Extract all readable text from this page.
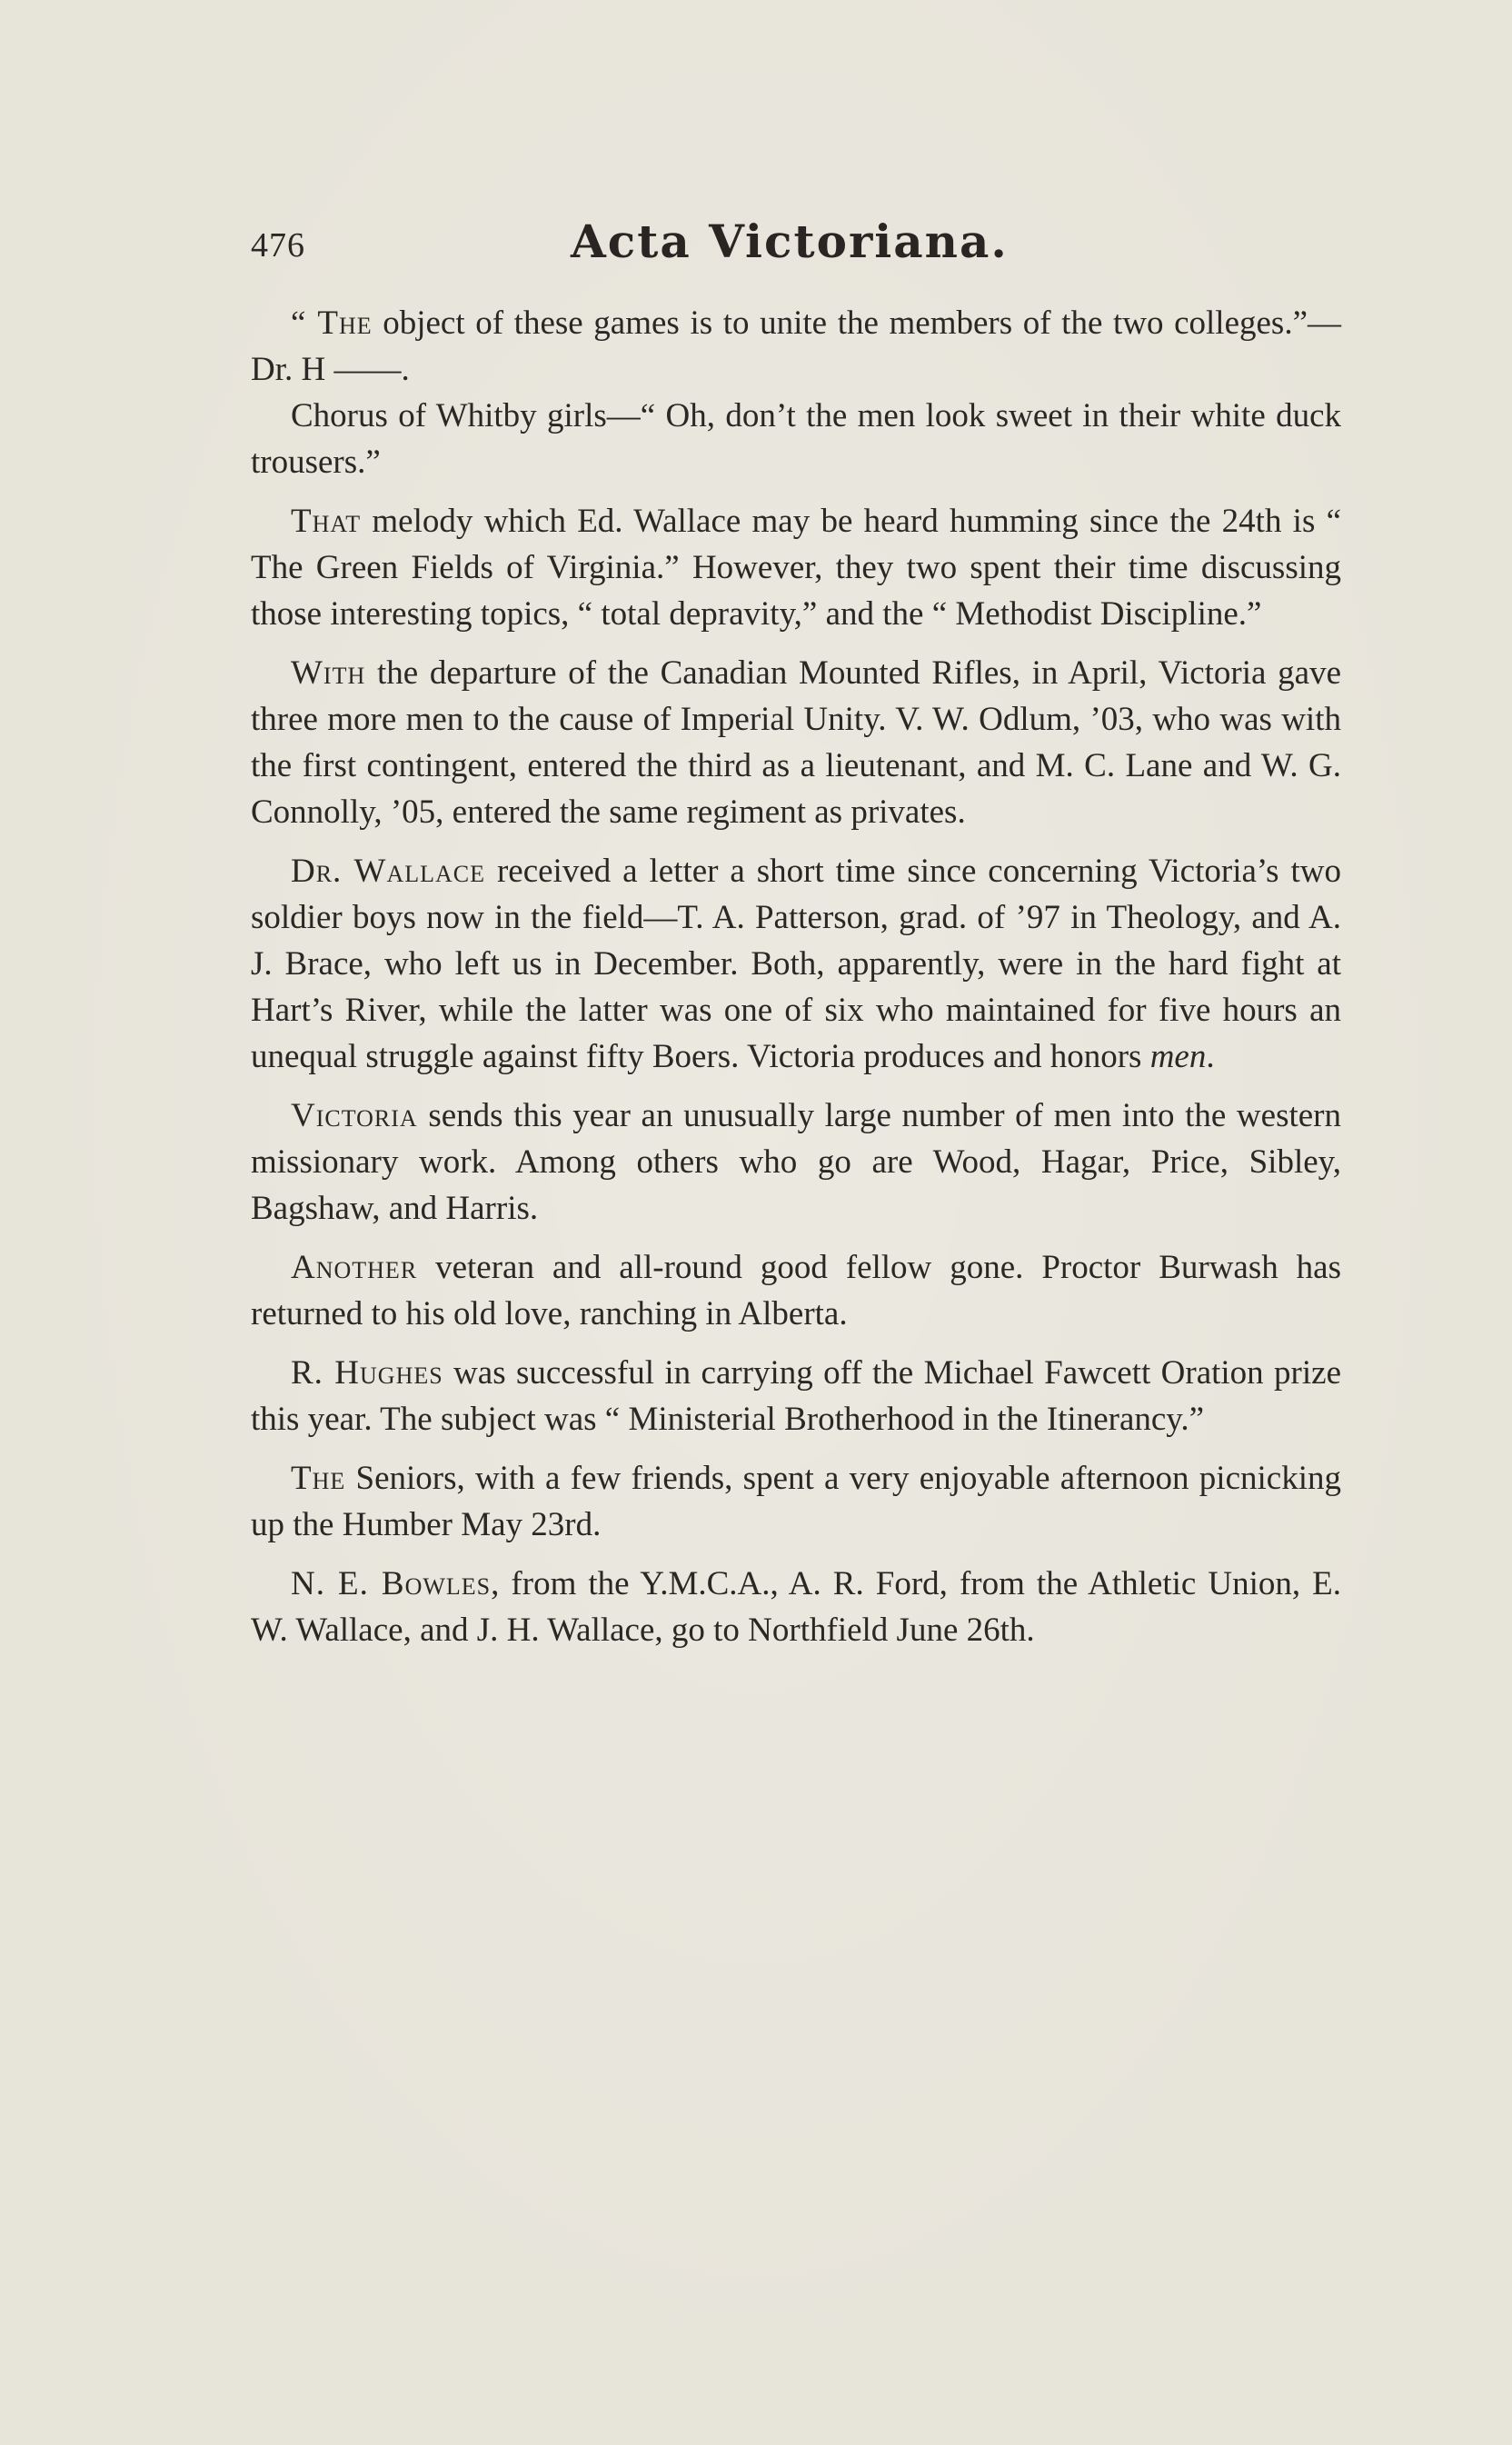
476	Acta Victoriana.

“ The object of these games is to unite the members of the two colleges.”—Dr. H ——.

Chorus of Whitby girls—“ Oh, don’t the men look sweet in their white duck trousers.”

That melody which Ed. Wallace may be heard humming since the 24th is “ The Green Fields of Virginia.” However, they two spent their time discussing those interesting topics, “ total depravity,” and the “ Methodist Discipline.”

With the departure of the Canadian Mounted Rifles, in April, Victoria gave three more men to the cause of Imperial Unity. V. W. Odlum, ’03, who was with the first contingent, entered the third as a lieutenant, and M. C. Lane and W. G. Connolly, ’05, entered the same regiment as privates.

Dr. Wallace received a letter a short time since concerning Victoria’s two soldier boys now in the field—T. A. Patterson, grad. of ’97 in Theology, and A. J. Brace, who left us in December. Both, apparently, were in the hard fight at Hart’s River, while the latter was one of six who maintained for five hours an unequal struggle against fifty Boers. Victoria produces and honors men.

Victoria sends this year an unusually large number of men into the western missionary work. Among others who go are Wood, Hagar, Price, Sibley, Bagshaw, and Harris.

Another veteran and all-round good fellow gone. Proctor Burwash has returned to his old love, ranching in Alberta.

R. Hughes was successful in carrying off the Michael Fawcett Oration prize this year. The subject was “ Ministerial Brotherhood in the Itinerancy.”

The Seniors, with a few friends, spent a very enjoyable afternoon picnicking up the Humber May 23rd.

N. E. Bowles, from the Y.M.C.A., A. R. Ford, from the Athletic Union, E. W. Wallace, and J. H. Wallace, go to Northfield June 26th.
